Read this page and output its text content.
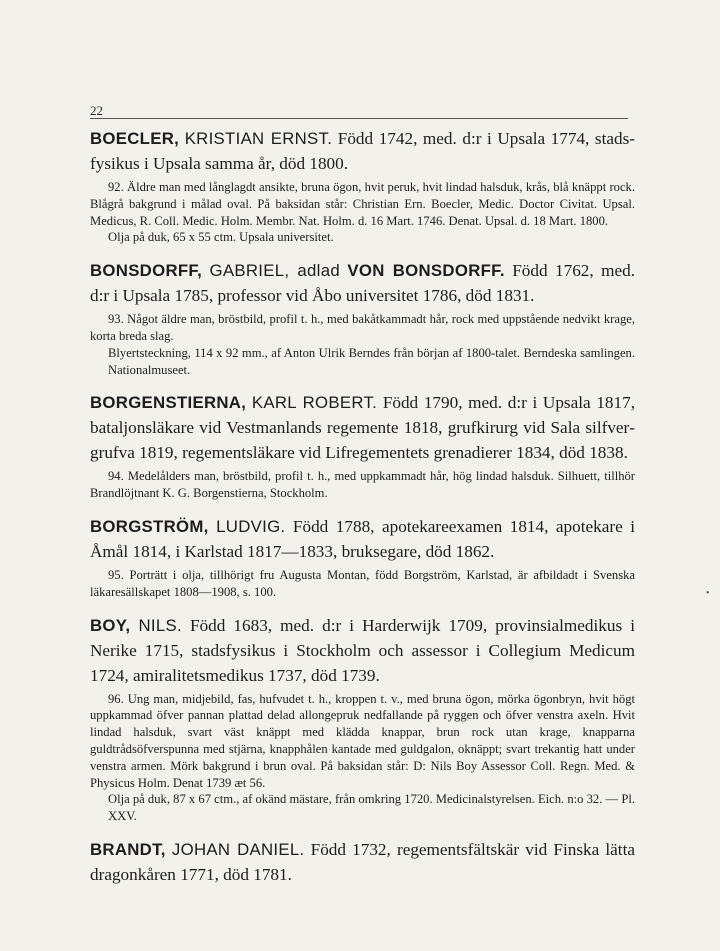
22
•

BOECLER, KRISTIAN ERNST. Född 1742, med. d:r i Upsala 1774, stadsfysikus i Upsala samma år, död 1800.

92. Äldre man med långlagdt ansikte, bruna ögon, hvit peruk, hvit lindad halsduk, krås, blå knäppt rock. Blågrå bakgrund i målad oval. På baksidan står: Christian Ern. Boecler, Medic. Doctor Civitat. Upsal. Medicus, R. Coll. Medic. Holm. Membr. Nat. Holm. d. 16 Mart. 1746. Denat. Upsal. d. 18 Mart. 1800.

Olja på duk, 65 x 55 ctm. Upsala universitet.

BONSDORFF, GABRIEL, adlad VON BONSDORFF. Född 1762, med. d:r i Upsala 1785, professor vid Åbo universitet 1786, död 1831.

93. Något äldre man, bröstbild, profil t. h., med bakåtkammadt hår, rock med uppstående nedvikt krage, korta breda slag.

Blyertsteckning, 114 x 92 mm., af Anton Ulrik Berndes från början af 1800-talet. Berndeska samlingen. Nationalmuseet.

BORGENSTIERNA, KARL ROBERT. Född 1790, med. d:r i Upsala 1817, bataljonsläkare vid Vestmanlands regemente 1818, grufkirurg vid Sala silfvergrufva 1819, regementsläkare vid Lifregementets grenadierer 1834, död 1838.

94. Medelålders man, bröstbild, profil t. h., med uppkammadt hår, hög lindad halsduk. Silhuett, tillhör Brandlöjtnant K. G. Borgenstierna, Stockholm.

BORGSTRÖM, LUDVIG. Född 1788, apotekareexamen 1814, apotekare i Åmål 1814, i Karlstad 1817—1833, bruksegare, död 1862.

95. Porträtt i olja, tillhörigt fru Augusta Montan, född Borgström, Karlstad, är afbildadt i Svenska läkaresällskapet 1808—1908, s. 100.

BOY, NILS. Född 1683, med. d:r i Harderwijk 1709, provinsialmedikus i Nerike 1715, stadsfysikus i Stockholm och assessor i Collegium Medicum 1724, amiralitetsmedikus 1737, död 1739.

96. Ung man, midjebild, fas, hufvudet t. h., kroppen t. v., med bruna ögon, mörka ögonbryn, hvit högt uppkammad öfver pannan plattad delad allongepruk nedfallande på ryggen och öfver venstra axeln. Hvit lindad halsduk, svart väst knäppt med klädda knappar, brun rock utan krage, knapparna guldtrådsöfverspunna med stjärna, knapphålen kantade med guldgalon, oknäppt; svart trekantig hatt under venstra armen. Mörk bakgrund i brun oval. På baksidan står: D: Nils Boy Assessor Coll. Regn. Med. & Physicus Holm. Denat 1739 æt 56.

Olja på duk, 87 x 67 ctm., af okänd mästare, från omkring 1720. Medicinalstyrelsen. Eich. n:o 32. — Pl. XXV.

BRANDT, JOHAN DANIEL. Född 1732, regementsfältskär vid Finska lätta dragonkåren 1771, död 1781.
